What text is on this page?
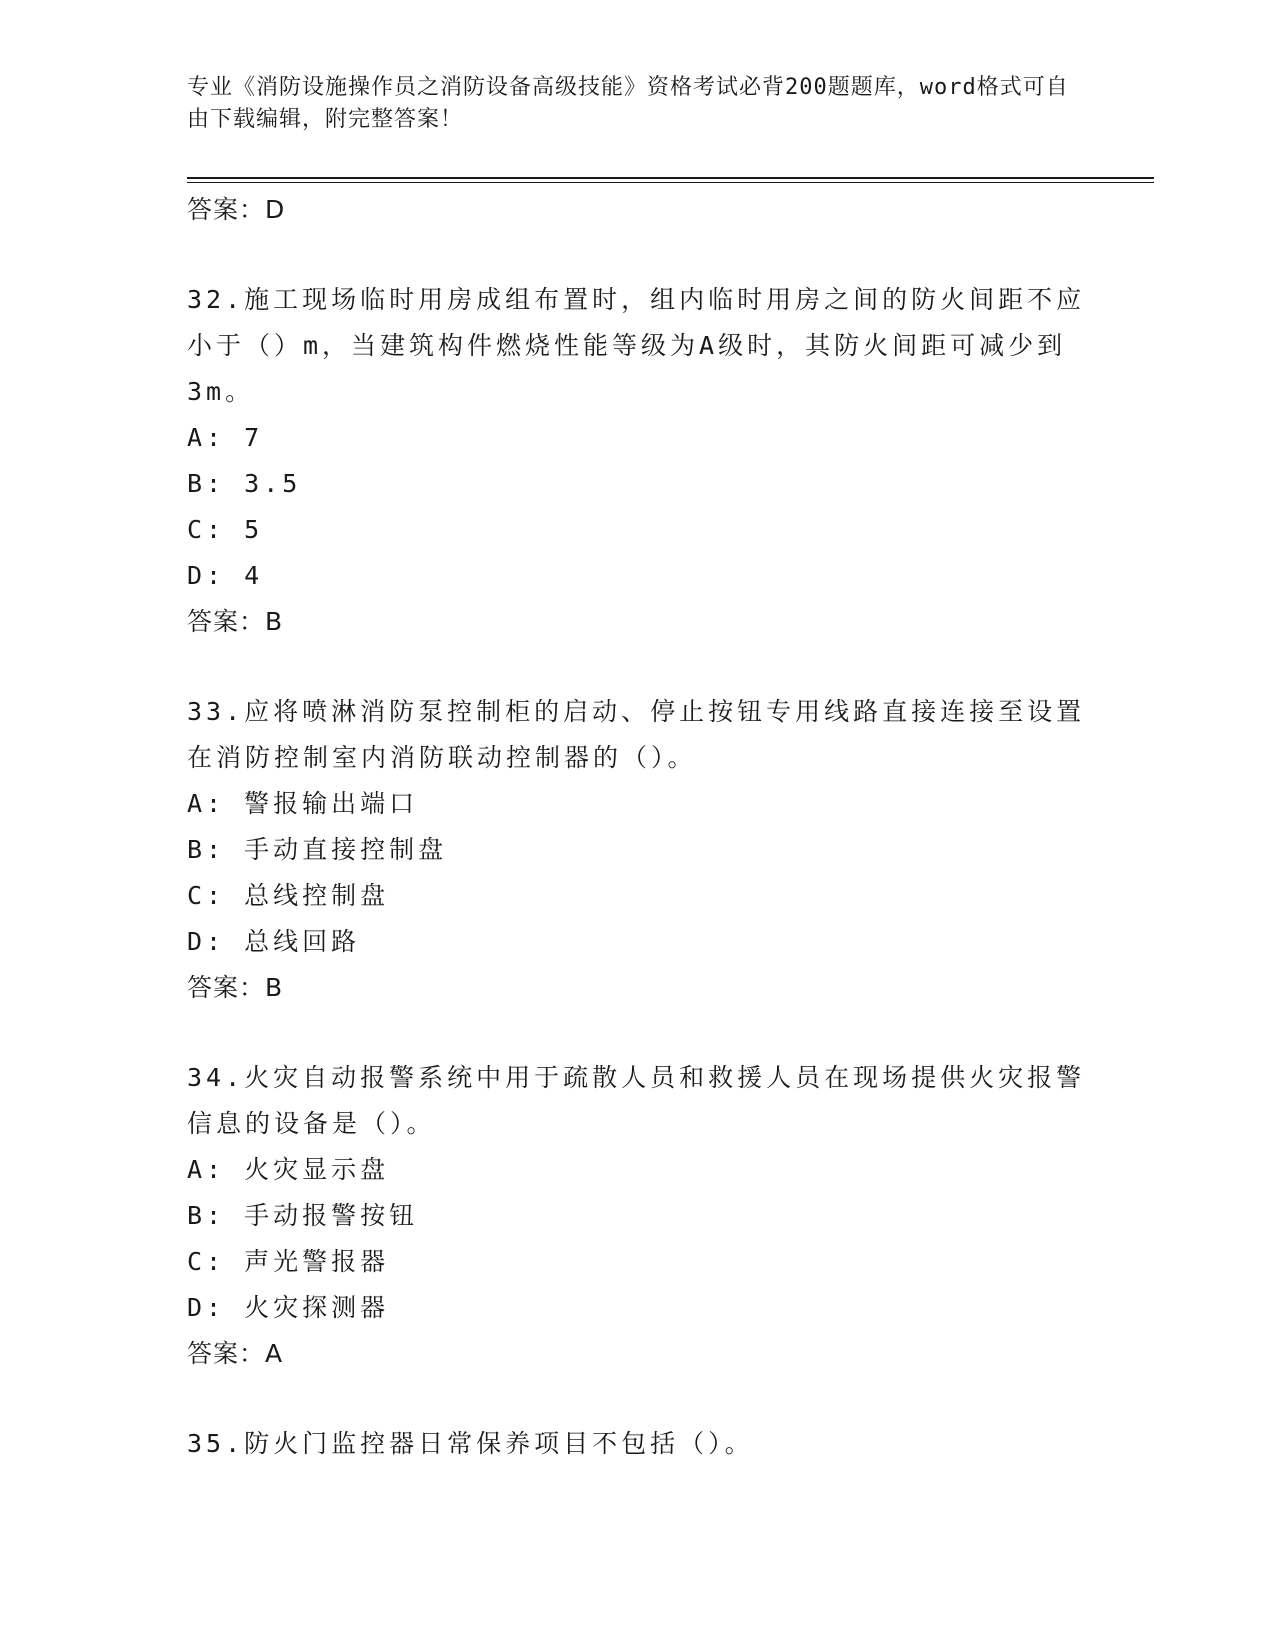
专业《消防设施操作员之消防设备高级技能》资格考试必背200题题库，word格式可自由下载编辑，附完整答案！
答案：D
32.施工现场临时用房成组布置时，组内临时用房之间的防火间距不应小于（）m，当建筑构件燃烧性能等级为A级时，其防火间距可减少到3m。
A: 7
B: 3.5
C: 5
D: 4
答案：B
33.应将喷淋消防泵控制柜的启动、停止按钮专用线路直接连接至设置在消防控制室内消防联动控制器的（）。
A: 警报输出端口
B: 手动直接控制盘
C: 总线控制盘
D: 总线回路
答案：B
34.火灾自动报警系统中用于疏散人员和救援人员在现场提供火灾报警信息的设备是（）。
A: 火灾显示盘
B: 手动报警按钮
C: 声光警报器
D: 火灾探测器
答案：A
35.防火门监控器日常保养项目不包括（）。
